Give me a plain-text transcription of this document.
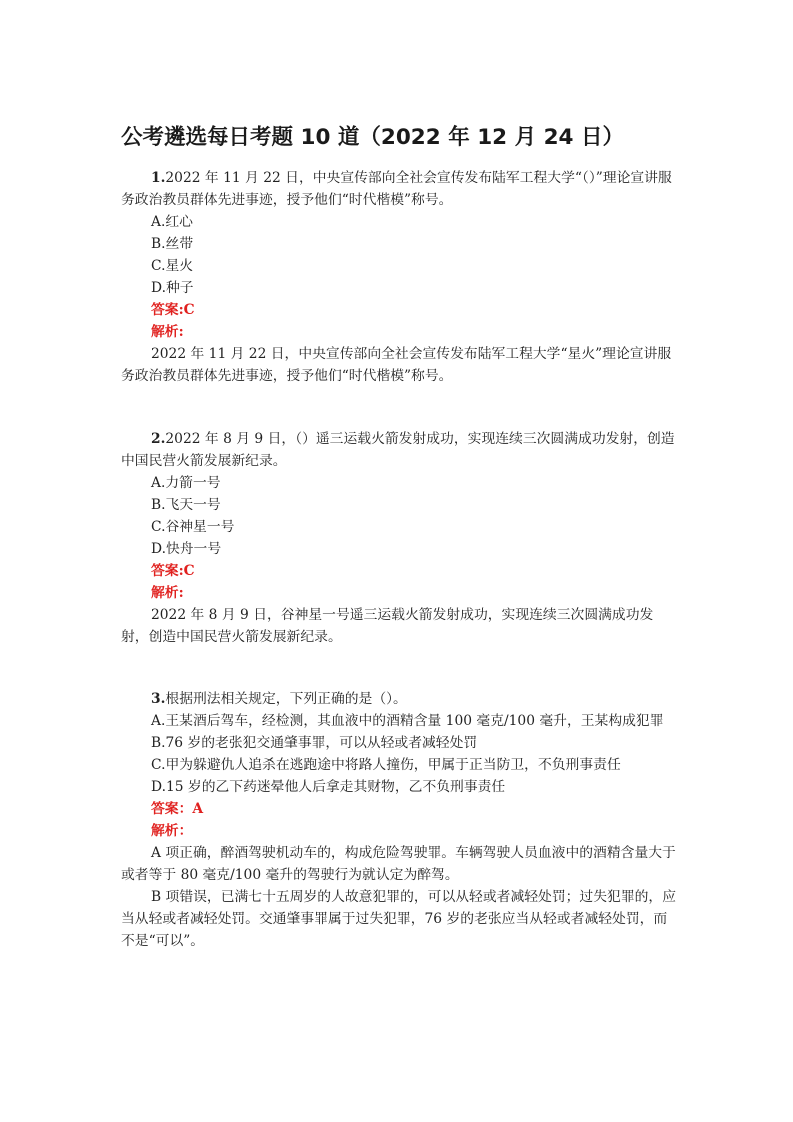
公考遴选每日考题 10 道（2022 年 12 月 24 日）

1.2022 年 11 月 22 日，中央宣传部向全社会宣传发布陆军工程大学“（）”理论宣讲服务政治教员群体先进事迹，授予他们“时代楷模”称号。

A.红心

B.丝带

C.星火

D.种子

答案:C

解析:

2022 年 11 月 22 日，中央宣传部向全社会宣传发布陆军工程大学“星火”理论宣讲服务政治教员群体先进事迹，授予他们“时代楷模”称号。

2.2022 年 8 月 9 日，（）遥三运载火箭发射成功，实现连续三次圆满成功发射，创造中国民营火箭发展新纪录。

A.力箭一号

B.飞天一号

C.谷神星一号

D.快舟一号

答案:C

解析:

2022 年 8 月 9 日，谷神星一号遥三运载火箭发射成功，实现连续三次圆满成功发射，创造中国民营火箭发展新纪录。

3.根据刑法相关规定，下列正确的是（）。

A.王某酒后驾车，经检测，其血液中的酒精含量 100 毫克/100 毫升，王某构成犯罪

B.76 岁的老张犯交通肇事罪，可以从轻或者减轻处罚

C.甲为躲避仇人追杀在逃跑途中将路人撞伤，甲属于正当防卫，不负刑事责任

D.15 岁的乙下药迷晕他人后拿走其财物，乙不负刑事责任

答案：A

解析：

A 项正确，醉酒驾驶机动车的，构成危险驾驶罪。车辆驾驶人员血液中的酒精含量大于或者等于 80 毫克/100 毫升的驾驶行为就认定为醉驾。

B 项错误，已满七十五周岁的人故意犯罪的，可以从轻或者减轻处罚；过失犯罪的，应当从轻或者减轻处罚。交通肇事罪属于过失犯罪，76 岁的老张应当从轻或者减轻处罚，而不是“可以”。
